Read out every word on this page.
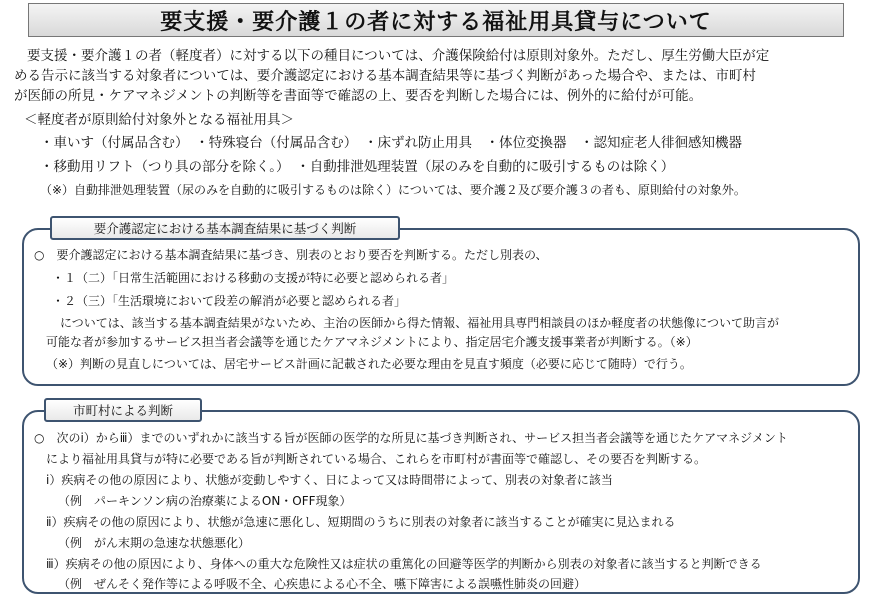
要支援・要介護１の者に対する福祉用具貸与について
要支援・要介護１の者（軽度者）に対する以下の種目については、介護保険給付は原則対象外。ただし、厚生労働大臣が定
める告示に該当する対象者については、要介護認定における基本調査結果等に基づく判断があった場合や、または、市町村
が医師の所見・ケアマネジメントの判断等を書面等で確認の上、要否を判断した場合には、例外的に給付が可能。
＜軽度者が原則給付対象外となる福祉用具＞
・車いす（付属品含む）　・特殊寝台（付属品含む）　・床ずれ防止用具　・体位変換器　・認知症老人徘徊感知機器
・移動用リフト（つり具の部分を除く。）　・自動排泄処理装置（尿のみを自動的に吸引するものは除く）
（※）自動排泄処理装置（尿のみを自動的に吸引するものは除く）については、要介護２及び要介護３の者も、原則給付の対象外。
要介護認定における基本調査結果に基づく判断
○　要介護認定における基本調査結果に基づき、別表のとおり要否を判断する。ただし別表の、
・１（二）「日常生活範囲における移動の支援が特に必要と認められる者」
・２（三）「生活環境において段差の解消が必要と認められる者」
については、該当する基本調査結果がないため、主治の医師から得た情報、福祉用具専門相談員のほか軽度者の状態像について助言が
可能な者が参加するサービス担当者会議等を通じたケアマネジメントにより、指定居宅介護支援事業者が判断する。（※）
（※）判断の見直しについては、居宅サービス計画に記載された必要な理由を見直す頻度（必要に応じて随時）で行う。
市町村による判断
○　次のⅰ）からⅲ）までのいずれかに該当する旨が医師の医学的な所見に基づき判断され、サービス担当者会議等を通じたケアマネジメント
により福祉用具貸与が特に必要である旨が判断されている場合、これらを市町村が書面等で確認し、その要否を判断する。
ⅰ）疾病その他の原因により、状態が変動しやすく、日によって又は時間帯によって、別表の対象者に該当
（例　パーキンソン病の治療薬によるON・OFF現象）
ⅱ）疾病その他の原因により、状態が急速に悪化し、短期間のうちに別表の対象者に該当することが確実に見込まれる
（例　がん末期の急速な状態悪化）
ⅲ）疾病その他の原因により、身体への重大な危険性又は症状の重篤化の回避等医学的判断から別表の対象者に該当すると判断できる
（例　ぜんそく発作等による呼吸不全、心疾患による心不全、嚥下障害による誤嚥性肺炎の回避）
